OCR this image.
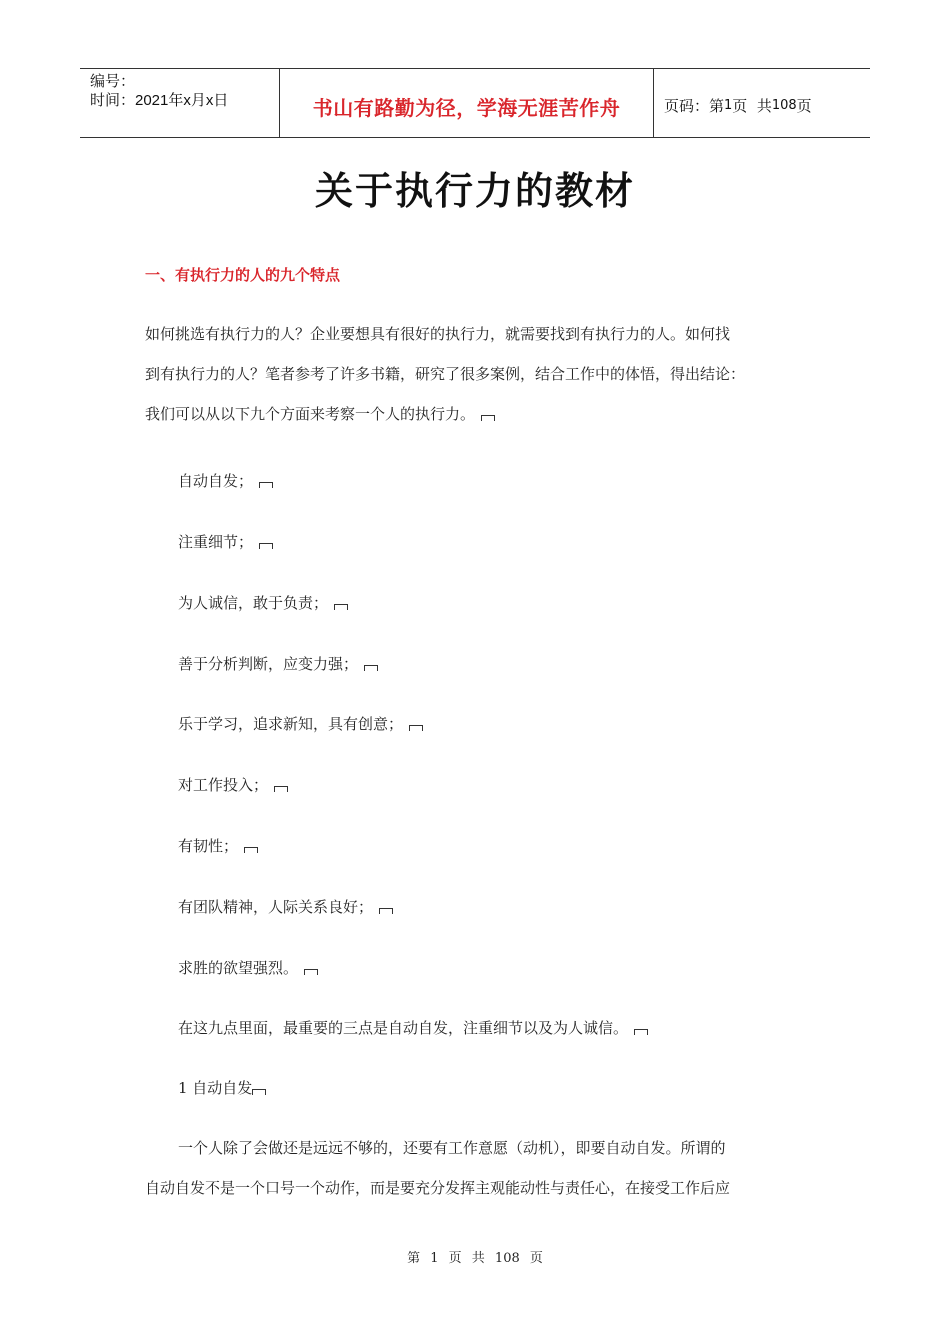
编号：
时间：2021年x月x日	书山有路勤为径，学海无涯苦作舟	页码：第 1 页  共 108 页
关于执行力的教材
一、有执行力的人的九个特点
如何挑选有执行力的人？企业要想具有很好的执行力，就需要找到有执行力的人。如何找
到有执行力的人？笔者参考了许多书籍，研究了很多案例，结合工作中的体悟，得出结论：
我们可以从以下九个方面来考察一个人的执行力。
自动自发；
注重细节；
为人诚信，敢于负责；
善于分析判断，应变力强；
乐于学习，追求新知，具有创意；
对工作投入；
有韧性；
有团队精神，人际关系良好；
求胜的欲望强烈。
在这九点里面，最重要的三点是自动自发，注重细节以及为人诚信。
1 自动自发
一个人除了会做还是远远不够的，还要有工作意愿（动机），即要自动自发。所谓的
自动自发不是一个口号一个动作，而是要充分发挥主观能动性与责任心，在接受工作后应
第 1 页 共 108 页
